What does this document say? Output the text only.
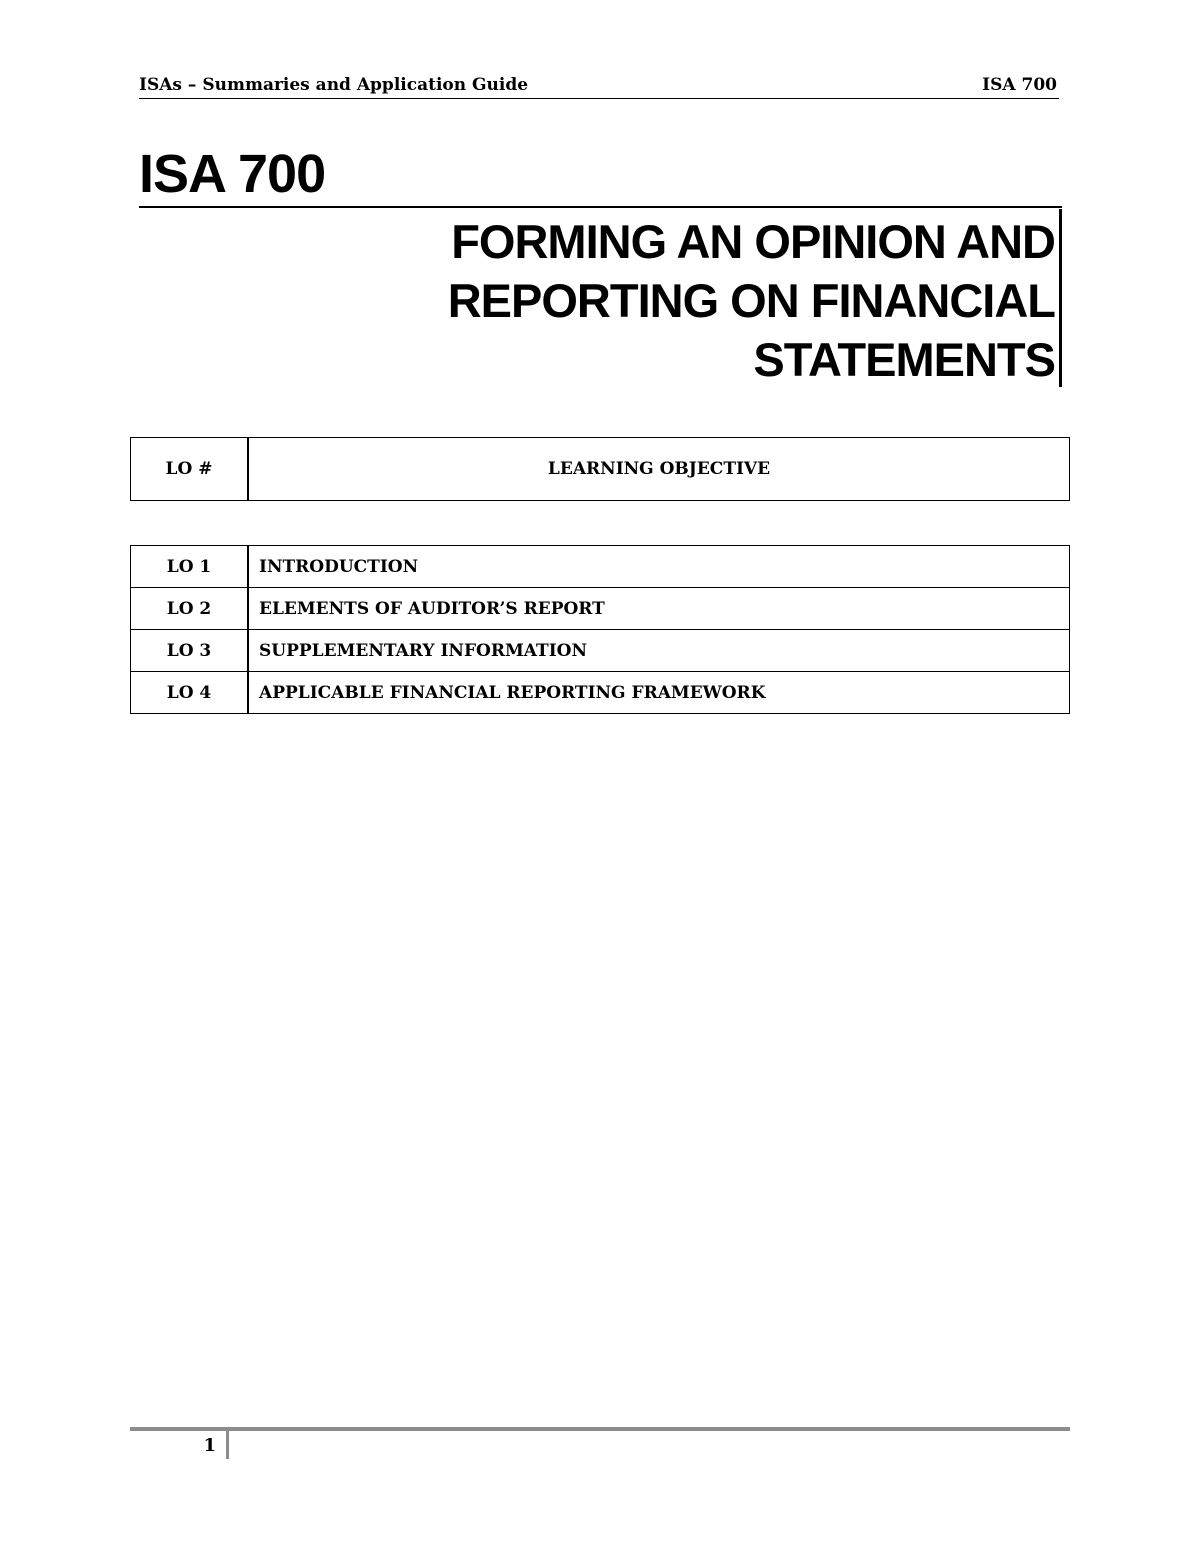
ISAs – Summaries and Application Guide	ISA 700
ISA 700
FORMING AN OPINION AND
REPORTING ON FINANCIAL
STATEMENTS
LO #	LEARNING OBJECTIVE
LO 1	INTRODUCTION
LO 2	ELEMENTS OF AUDITOR’S REPORT
LO 3	SUPPLEMENTARY INFORMATION
LO 4	APPLICABLE FINANCIAL REPORTING FRAMEWORK
1
